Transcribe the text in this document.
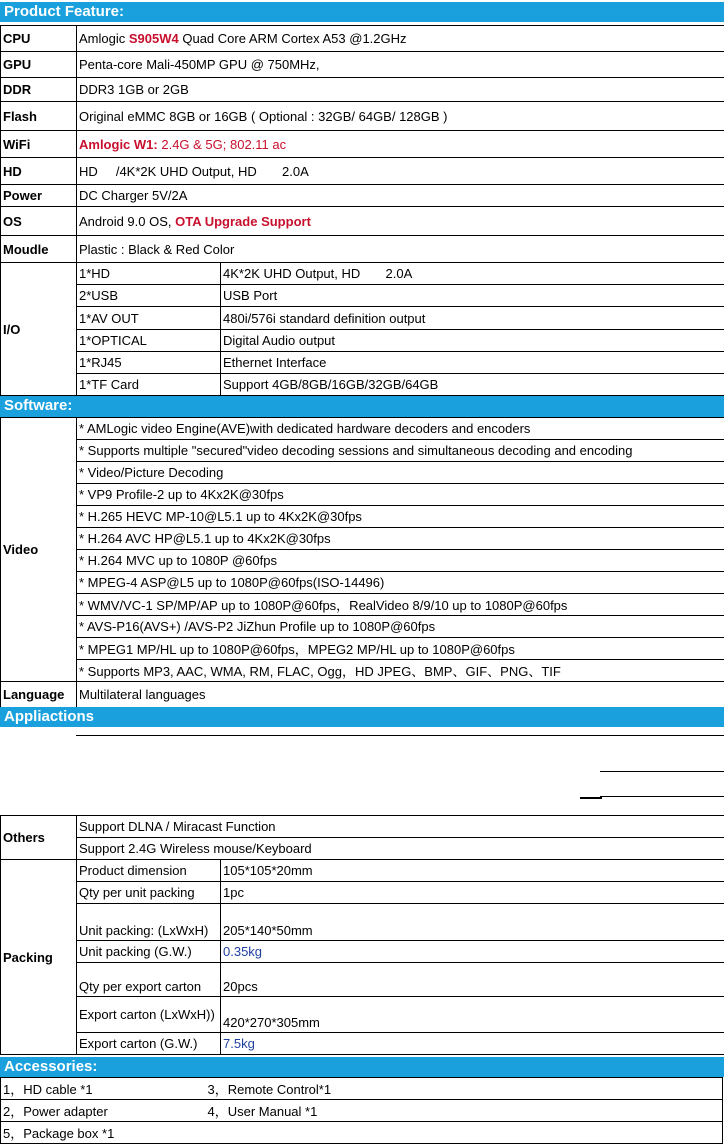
Product Feature:
CPU	Amlogic S905W4 Quad Core ARM Cortex A53 @1.2GHz	
GPU	Penta-core Mali-450MP GPU @ 750MHz,	
DDR	DDR3 1GB or 2GB	
Flash	Original eMMC 8GB or 16GB ( Optional : 32GB/ 64GB/ 128GB )	
WiFi	Amlogic W1: 2.4G & 5G; 802.11 ac	
HD	HD     /4K*2K UHD Output, HD       2.0A	
Power	DC Charger 5V/2A	
OS	Android 9.0 OS, OTA Upgrade Support	
Moudle	Plastic : Black & Red Color	
I/O	1*HD	4K*2K UHD Output, HD       2.0A
	2*USB	USB Port
	1*AV OUT	480i/576i standard definition output
	1*OPTICAL	Digital Audio output
	1*RJ45	Ethernet Interface
	1*TF Card	Support 4GB/8GB/16GB/32GB/64GB
Software:
Video	* AMLogic video Engine(AVE)with dedicated hardware decoders and encoders
	* Supports multiple "secured"video decoding sessions and simultaneous decoding and encoding
	* Video/Picture Decoding
	* VP9 Profile-2 up to 4Kx2K@30fps
	* H.265 HEVC MP-10@L5.1 up to 4Kx2K@30fps
	* H.264 AVC HP@L5.1 up to 4Kx2K@30fps
	* H.264 MVC up to 1080P @60fps
	* MPEG-4 ASP@L5 up to 1080P@60fps(ISO-14496)
	* WMV/VC-1 SP/MP/AP up to 1080P@60fps，RealVideo 8/9/10 up to 1080P@60fps
	* AVS-P16(AVS+) /AVS-P2 JiZhun Profile up to 1080P@60fps
	* MPEG1 MP/HL up to 1080P@60fps，MPEG2 MP/HL up to 1080P@60fps
	* Supports MP3, AAC, WMA, RM, FLAC, Ogg，HD JPEG、BMP、GIF、PNG、TIF
Language	Multilateral languages
Appliactions
Others	Support DLNA / Miracast Function	
	Support 2.4G Wireless mouse/Keyboard	
Packing	Product dimension	105*105*20mm
	Qty per unit packing	1pc
	Unit packing: (LxWxH)	205*140*50mm
	Unit packing (G.W.)	0.35kg
	Qty per export carton	20pcs
	Export carton (LxWxH))	420*270*305mm
	Export carton (G.W.)	7.5kg
Accessories:
1，HD cable *1	3，Remote Control*1
2，Power adapter	4，User Manual *1
5，Package box *1	
